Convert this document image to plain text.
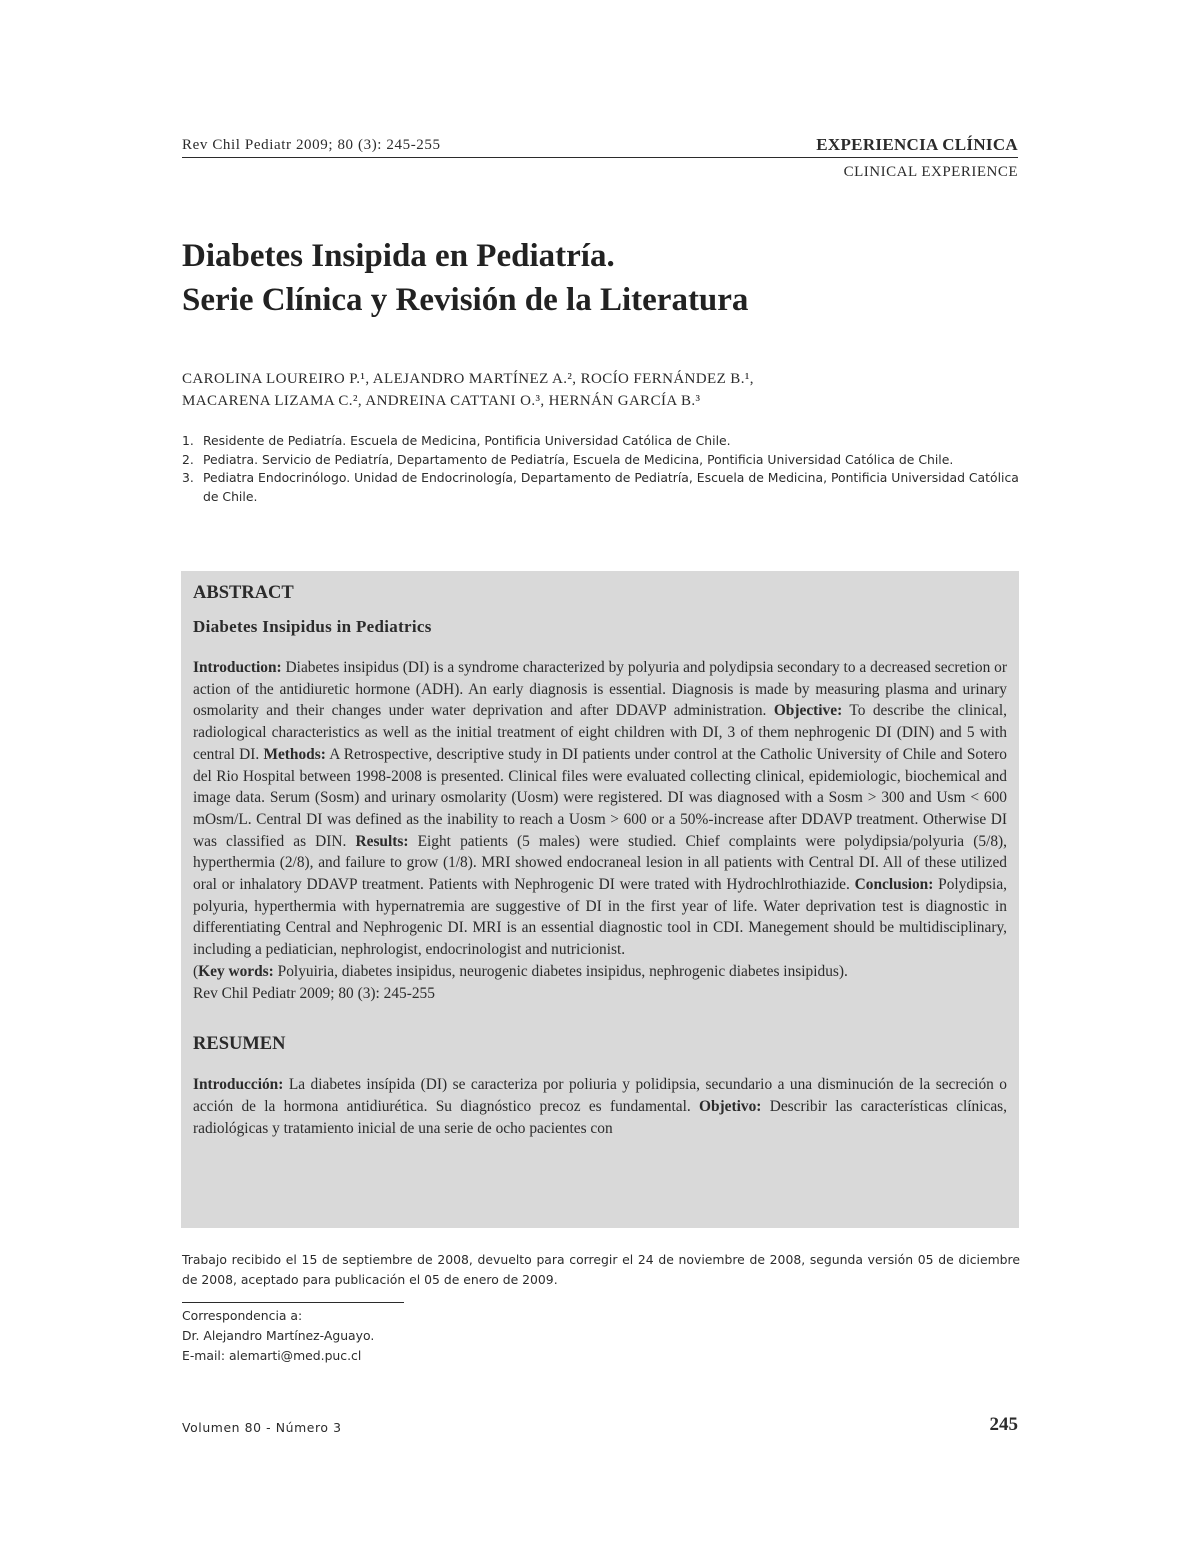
Rev Chil Pediatr 2009; 80 (3): 245-255	EXPERIENCIA CLÍNICA
CLINICAL EXPERIENCE
Diabetes Insipida en Pediatría.
Serie Clínica y Revisión de la Literatura
CAROLINA LOUREIRO P.¹, ALEJANDRO MARTÍNEZ A.², ROCÍO FERNÁNDEZ B.¹,
MACARENA LIZAMA C.², ANDREINA CATTANI O.³, HERNÁN GARCÍA B.³
1. Residente de Pediatría. Escuela de Medicina, Pontificia Universidad Católica de Chile.
2. Pediatra. Servicio de Pediatría, Departamento de Pediatría, Escuela de Medicina, Pontificia Universidad Católica de Chile.
3. Pediatra Endocrinólogo. Unidad de Endocrinología, Departamento de Pediatría, Escuela de Medicina, Pontificia Universidad Católica de Chile.
ABSTRACT
Diabetes Insipidus in Pediatrics
Introduction: Diabetes insipidus (DI) is a syndrome characterized by polyuria and polydipsia secondary to a decreased secretion or action of the antidiuretic hormone (ADH). An early diagnosis is essential. Diagnosis is made by measuring plasma and urinary osmolarity and their changes under water deprivation and after DDAVP administration. Objective: To describe the clinical, radiological characteristics as well as the initial treatment of eight children with DI, 3 of them nephrogenic DI (DIN) and 5 with central DI. Methods: A Retrospective, descriptive study in DI patients under control at the Catholic University of Chile and Sotero del Rio Hospital between 1998-2008 is presented. Clinical files were evaluated collecting clinical, epidemiologic, biochemical and image data. Serum (Sosm) and urinary osmolarity (Uosm) were registered. DI was diagnosed with a Sosm > 300 and Usm < 600 mOsm/L. Central DI was defined as the inability to reach a Uosm > 600 or a 50%-increase after DDAVP treatment. Otherwise DI was classified as DIN. Results: Eight patients (5 males) were studied. Chief complaints were polydipsia/polyuria (5/8), hyperthermia (2/8), and failure to grow (1/8). MRI showed endocraneal lesion in all patients with Central DI. All of these utilized oral or inhalatory DDAVP treatment. Patients with Nephrogenic DI were trated with Hydrochlrothiazide. Conclusion: Polydipsia, polyuria, hyperthermia with hypernatremia are suggestive of DI in the first year of life. Water deprivation test is diagnostic in differentiating Central and Nephrogenic DI. MRI is an essential diagnostic tool in CDI. Manegement should be multidisciplinary, including a pediatician, nephrologist, endocrinologist and nutricionist.
(Key words: Polyuiria, diabetes insipidus, neurogenic diabetes insipidus, nephrogenic diabetes insipidus).
Rev Chil Pediatr 2009; 80 (3): 245-255
RESUMEN
Introducción: La diabetes insípida (DI) se caracteriza por poliuria y polidipsia, secundario a una disminución de la secreción o acción de la hormona antidiurética. Su diagnóstico precoz es fundamental. Objetivo: Describir las características clínicas, radiológicas y tratamiento inicial de una serie de ocho pacientes con
Trabajo recibido el 15 de septiembre de 2008, devuelto para corregir el 24 de noviembre de 2008, segunda versión 05 de diciembre de 2008, aceptado para publicación el 05 de enero de 2009.
Correspondencia a:
Dr. Alejandro Martínez-Aguayo.
E-mail: alemarti@med.puc.cl
Volumen 80 - Número 3	245
